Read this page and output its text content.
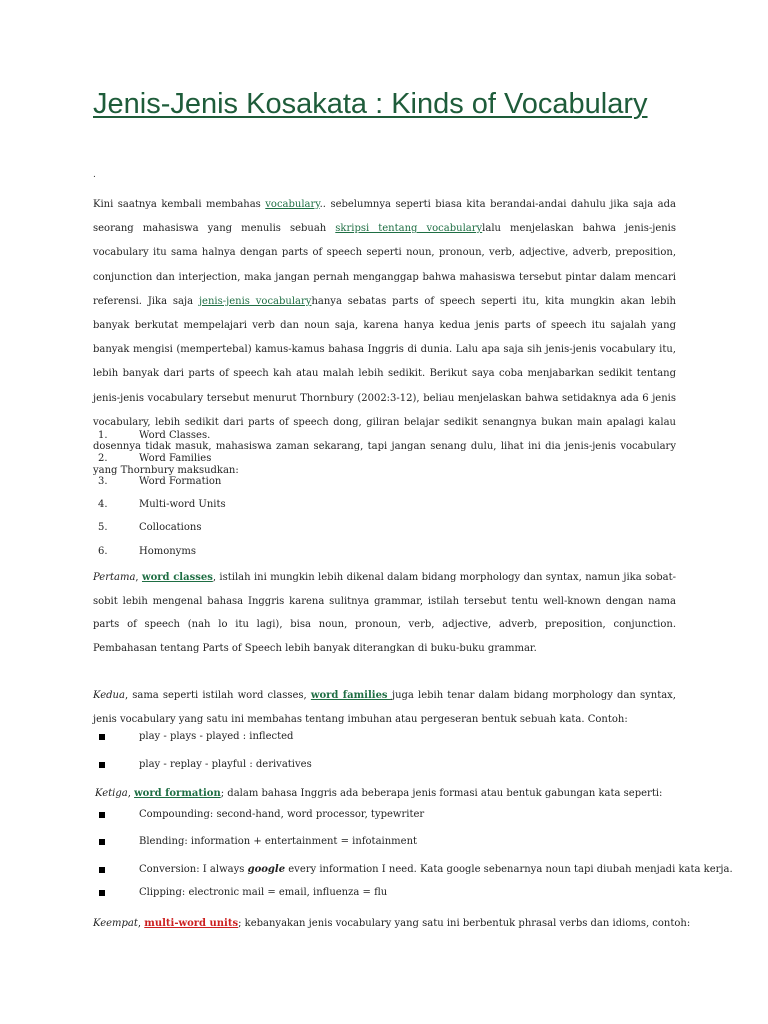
Jenis-Jenis Kosakata : Kinds of Vocabulary
.

Kini saatnya kembali membahas vocabulary.. sebelumnya seperti biasa kita berandai-andai dahulu jika saja ada seorang mahasiswa yang menulis sebuah skripsi tentang vocabularylalu menjelaskan bahwa jenis-jenis vocabulary itu sama halnya dengan parts of speech seperti noun, pronoun, verb, adjective, adverb, preposition, conjunction dan interjection, maka jangan pernah menganggap bahwa mahasiswa tersebut pintar dalam mencari referensi. Jika saja jenis-jenis vocabularyhanya sebatas parts of speech seperti itu, kita mungkin akan lebih banyak berkutat mempelajari verb dan noun saja, karena hanya kedua jenis parts of speech itu sajalah yang banyak mengisi (mempertebal) kamus-kamus bahasa Inggris di dunia. Lalu apa saja sih jenis-jenis vocabulary itu, lebih banyak dari parts of speech kah atau malah lebih sedikit. Berikut saya coba menjabarkan sedikit tentang jenis-jenis vocabulary tersebut menurut Thornbury (2002:3-12), beliau menjelaskan bahwa setidaknya ada 6 jenis vocabulary, lebih sedikit dari parts of speech dong, giliran belajar sedikit senangnya bukan main apalagi kalau dosennya tidak masuk, mahasiswa zaman sekarang, tapi jangan senang dulu, lihat ini dia jenis-jenis vocabulary yang Thornbury maksudkan:

1.	Word Classes.
2.	Word Families
3.	Word Formation
4.	Multi-word Units
5.	Collocations
6.	Homonyms

Pertama, word classes, istilah ini mungkin lebih dikenal dalam bidang morphology dan syntax, namun jika sobat-sobit lebih mengenal bahasa Inggris karena sulitnya grammar, istilah tersebut tentu well-known dengan nama parts of speech (nah lo itu lagi), bisa noun, pronoun, verb, adjective, adverb, preposition, conjunction. Pembahasan tentang Parts of Speech lebih banyak diterangkan di buku-buku grammar.

Kedua, sama seperti istilah word classes, word families juga lebih tenar dalam bidang morphology dan syntax, jenis vocabulary yang satu ini membahas tentang imbuhan atau pergeseran bentuk sebuah kata. Contoh:

play - plays - played : inflected
play - replay - playful : derivatives

Ketiga, word formation; dalam bahasa Inggris ada beberapa jenis formasi atau bentuk gabungan kata seperti:

Compounding: second-hand, word processor, typewriter
Blending: information + entertainment = infotainment
Conversion: I always google every information I need. Kata google sebenarnya noun tapi diubah menjadi kata kerja.
Clipping: electronic mail = email, influenza = flu

Keempat, multi-word units; kebanyakan jenis vocabulary yang satu ini berbentuk phrasal verbs dan idioms, contoh:
